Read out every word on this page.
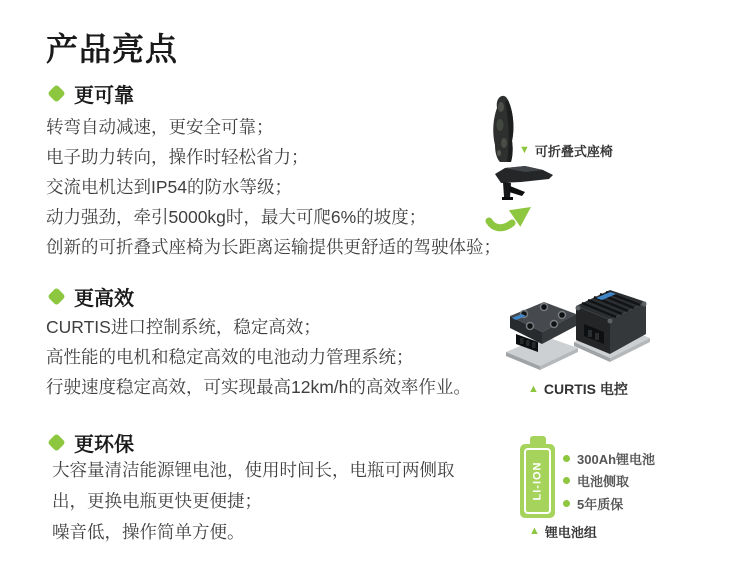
产品亮点
更可靠
转弯自动减速，更安全可靠；
电子助力转向，操作时轻松省力；
交流电机达到IP54的防水等级；
动力强劲，牵引5000kg时，最大可爬6%的坡度；
创新的可折叠式座椅为长距离运输提供更舒适的驾驶体验；
▼ 可折叠式座椅
更高效
CURTIS进口控制系统，稳定高效；
高性能的电机和稳定高效的电池动力管理系统；
行驶速度稳定高效，可实现最高12km/h的高效率作业。	▲ CURTIS 电控
更环保
大容量清洁能源锂电池，使用时间长，电瓶可两侧取
出，更换电瓶更快更便捷；
噪音低，操作简单方便。
LI-ION
300Ah锂电池
电池侧取
5年质保
▲ 锂电池组
